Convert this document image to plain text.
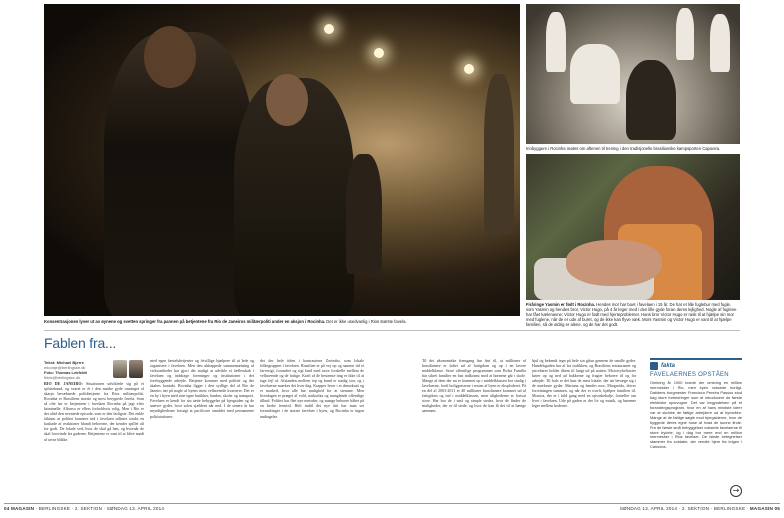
Konsentrasjonen lyser ut av øynene og svetten springer fra pannen på betjentene fra Rio de Janeiros militærpoliti under en aksjon i Rocinha. Det er ikke usedvanlig i Rios største favela.
Innbyggere i Rocinha møtes om aftenen til trening i den tradisjonelle brasilianske kampsporten Capoeira.
Firåringe Yasmin er født i Rocinha. Hendes mor har boet i favelaen i 15 år. De har et lille fuglebur med fugle, som Yasmin og hendes bror, Victor Hugo, på 4 år leger med i den lille gyde foran deres lejlighed. Nogle af fuglene har fået kælenavne; Victor Hugo er født med hjerteproblemer. Hans bror Victor Hugo er rask til at hjælpe sin mor med fuglene, når de er ude af buret, og de ikke kan flyve væk. Mors Yasmin og Victor Hugo er vant til at hjælpe familien, så de aldrig er alene, og de har det godt.
Fablen fra...
Tekst: Michael Bjerre
micobje@berlingske.dk
Foto: Thomas Lekfeldt
thlek@berlingske.dk

RIO DE JANEIRO: Situationen udviklede sig på et splitsekund, og svaret er ét i den mørke gyde omringet af skarpt bevæbnede politibetjente fra Rios militærpoliti. Rocinha er Brasiliens største og mest berygtede favela. Som så ofte før er betjentene i favelaen Rocinha på jagt efter kriminelle. Alfonso er ellers forholdsvis rolig. Men i Rio er det altid den uventede episode, som er den farligste. Det enkle faktum at politiet kommer ind i favelaen udløser straks en kaskade af reaktioner blandt beboerne, der kender spillet alt for godt. De lokale ved, hvor de skal gå hen, og hvornår de skal forsvinde fra gaderne. Betjentene er vant til at blive mødt af tavse blikke.

med egne fæstelsbetjenter og frivillige hjælpere til at lede og organisere i favelaen. Men den ubkappede sammensætning af virksomheder har gjort det muligt at udvikle et fællesskab i favelaen og inddrage foreninger og institutioner i det forebyggende arbejde. Betjente kommer med politiet og der skabes kontakt. Rocinha ligger i den sydlige del af Rio de Janeiro tæt på nogle af byens mest velhavende kvarterer. Det er en by i byen med sine egne butikker, banker, skoler og transport. Favelaen er kendt for sin tætte bebyggelse på bjergsiden og de snævre gyder, hvor solen sjældent når ned. I de senere år har myndighederne forsøgt at pacificere området med permanente politistationer.

det der hele tiden i kontrasterer Zerimbo, som lokale folkegruppen i favelaen. Brasilien er på vej op og samme tid et farverigt, forandret og rigt land med store forskelle mellem de velhavende og de fattige. Kraft af de bestemte ting er ikke til at tage fejl af. Afstanden mellem top og bund er stadig stor, og i favelaerne mærkes det hver dag. Krapper lever i et demokrati og et marked, hvor alle har mulighed for at stemme. Men hverdagen er præget af vold, narkotika og manglende offentlige tilbud. Politiet har fået nye metoder, og mange beboere håber på en bedre fremtid. Helt indtil det nye årti har man set forandringer i de største favelaer i byen, og Rocinha er ingen undtagelse.

Til det økonomiske fremgang har ført til, at millioner af brasilianere er løftet ud af fattigdom og op i en lavere middelklasse. Store offentlige programmer som Bolsa Família har sikret familier en fast indkomst mod at børnene går i skole. Mange af dem der nu er kommet op i middelklassen bor stadig i favelaerne, fordi boligpriserne i resten af byen er eksploderet. På en del af 2003-2011 er 40 millioner brasilianere kommet ud af fattigdom og ind i middelklassen, men ulighederne er fortsat store. Her bor de i små og simple steder, hvor de finder de muligheder, der er til stede, og hvor de kan få det til at hænge sammen.

hjul og bekendt tegn på hele sin gåtur gennem de smalle gyder. Handelsgaden har af fra trafikken, og Brasiliens restauranter og juicebarer holder åbent til langt ud på natten. Motorcykeltaxier kører op og ned ad bakkerne og fragter beboere til og fra arbejde. Til fods er det kun de mest lokale, der tør bevæge sig i de mørkeste gyder. Mariana og hendes mor, Margarida, driver forretningen sammen, og når der er travlt, hjælper familien til. Monica, der er i fuld gang med en opvaskebalje, fortæller om livet i favelaen. Ude på gaden er der liv og musik, og børnene leger mellem boderne.

fakta
FAVELAERNES OPSTÅEN
Omkring år 1900 boede der omkring en million mennesker i Rio, men byen voksede hurtigt. Datidens borgmester Francisco Pereira Passos stod bag store forbedringer som at introducere de første elektriske sporvogne. Det var begyndelsen på et forandringsprogram, hvor en af hans mindste ideer var at skubbe de fattige arbejdere ud af bymidten. Mange af de fattige søgte mod bjergsiderne, hvor de byggede deres egne huse af hvad de kunne finde. Fra de første små bebyggelser voksede favelaerne til store bydele, og i dag bor mere end en million mennesker i Rios favelaer. De første betegnelser stammer fra soldater, der vendte hjem fra krigen i Canudos.
→
04 MAGASIN · BERLINGSKE · 2. SEKTION · SØNDAG 13. APRIL 2014	SØNDAG 13. APRIL 2014 · 2. SEKTION · BERLINGSKE · MAGASIN 05
